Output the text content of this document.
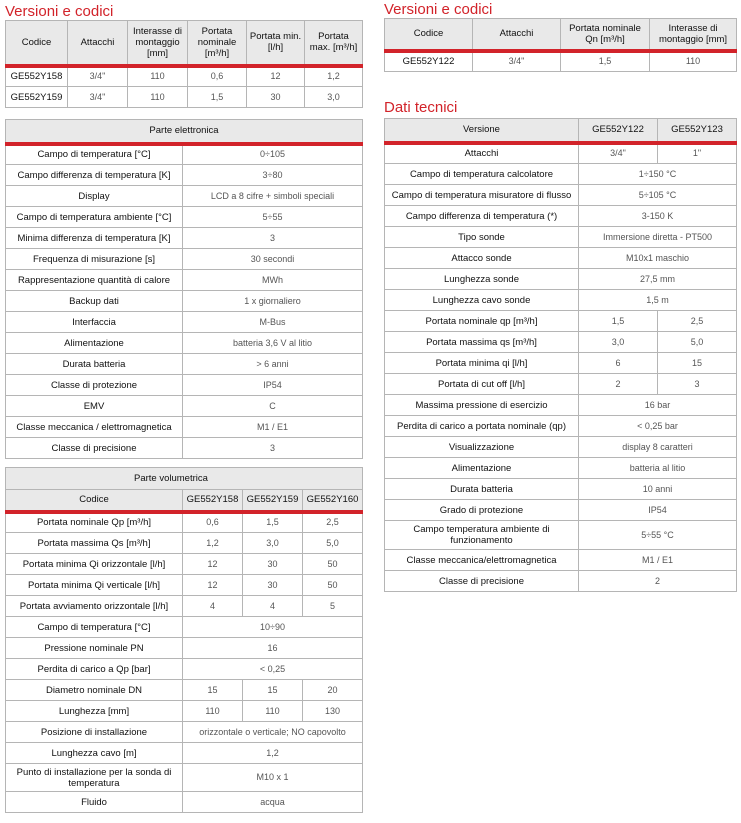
Versioni e codici
Codice	Attacchi	Interasse di montaggio [mm]	Portata nominale [m³/h]	Portata min. [l/h]	Portata max. [m³/h]
GE552Y158	3/4"	110	0,6	12	1,2
GE552Y159	3/4"	110	1,5	30	3,0
Versioni e codici
Codice	Attacchi	Portata nominale Qn [m³/h]	Interasse di montaggio [mm]
GE552Y122	3/4"	1,5	110
Parte elettronica	
Campo di temperatura [°C]	0÷105
Campo differenza di temperatura [K]	3÷80
Display	LCD a 8 cifre + simboli speciali
Campo di temperatura ambiente [°C]	5÷55
Minima differenza di temperatura [K]	3
Frequenza di misurazione [s]	30 secondi
Rappresentazione quantità di calore	MWh
Backup dati	1 x giornaliero
Interfaccia	M-Bus
Alimentazione	batteria 3,6 V al litio
Durata batteria	> 6 anni
Classe di protezione	IP54
EMV	C
Classe meccanica / elettromagnetica	M1 / E1
Classe di precisione	3
Parte volumetrica			
Codice	GE552Y158	GE552Y159	GE552Y160
Portata nominale Qp [m³/h]	0,6	1,5	2,5
Portata massima Qs [m³/h]	1,2	3,0	5,0
Portata minima Qi orizzontale [l/h]	12	30	50
Portata minima Qi verticale [l/h]	12	30	50
Portata avviamento orizzontale [l/h]	4	4	5
Campo di temperatura [°C]	10÷90		
Pressione nominale PN	16		
Perdita di carico a Qp [bar]	< 0,25		
Diametro nominale DN	15	15	20
Lunghezza [mm]	110	110	130
Posizione di installazione	orizzontale o verticale; NO capovolto		
Lunghezza cavo [m]	1,2		
Punto di installazione per la sonda di temperatura	M10 x 1		
Fluido	acqua		
Dati tecnici
Versione	GE552Y122	GE552Y123
Attacchi	3/4"	1"
Campo di temperatura calcolatore	1÷150 °C	
Campo di temperatura misuratore di flusso	5÷105 °C	
Campo differenza di temperatura (*)	3-150 K	
Tipo sonde	Immersione diretta - PT500	
Attacco sonde	M10x1 maschio	
Lunghezza sonde	27,5 mm	
Lunghezza cavo sonde	1,5 m	
Portata nominale qp [m³/h]	1,5	2,5
Portata massima qs [m³/h]	3,0	5,0
Portata minima qi [l/h]	6	15
Portata di cut off [l/h]	2	3
Massima pressione di esercizio	16 bar	
Perdita di carico a portata nominale (qp)	< 0,25 bar	
Visualizzazione	display 8 caratteri	
Alimentazione	batteria al litio	
Durata batteria	10 anni	
Grado di protezione	IP54	
Campo temperatura ambiente di funzionamento	5÷55 °C	
Classe meccanica/elettromagnetica	M1 / E1	
Classe di precisione	2	
